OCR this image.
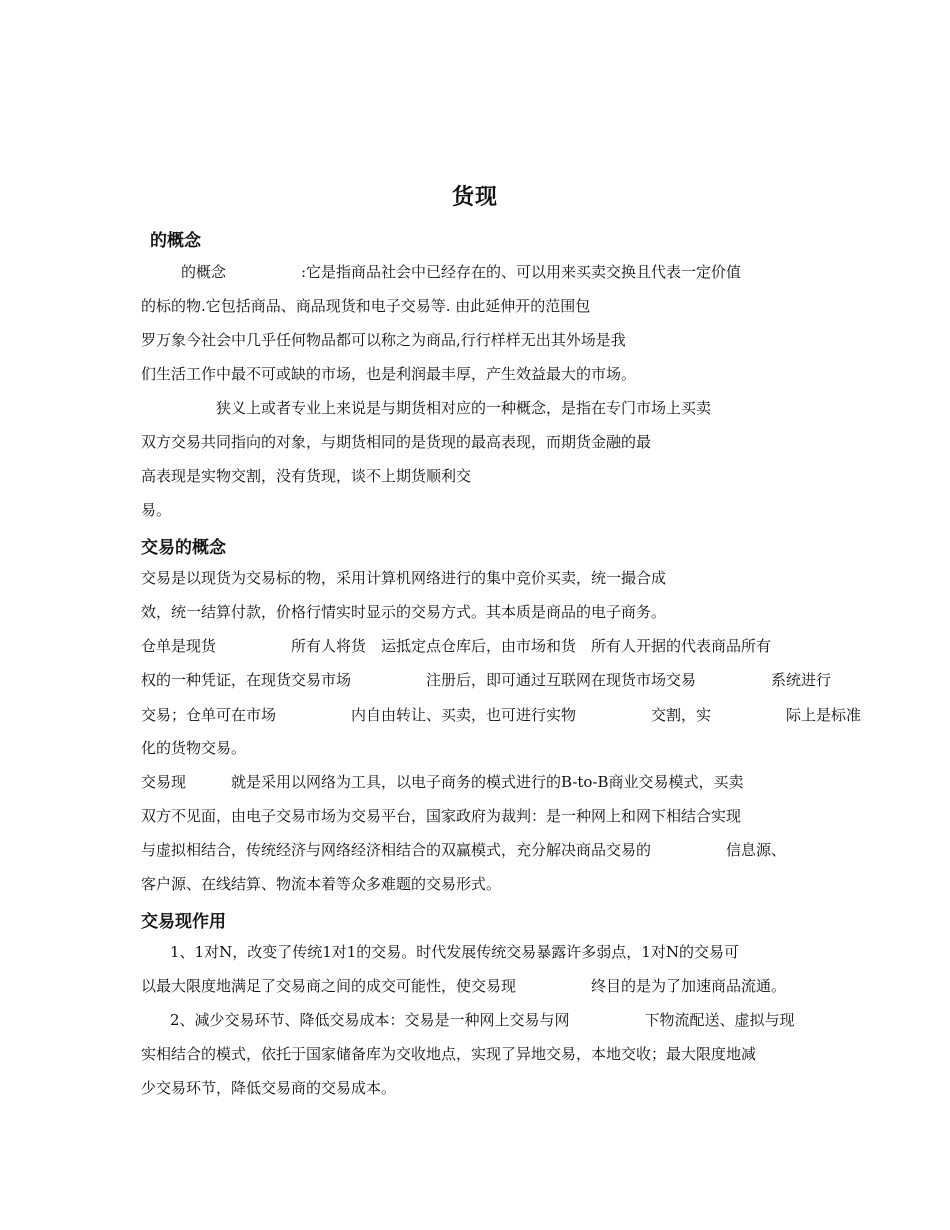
货现
的概念
的概念　　　　　:它是指商品社会中已经存在的、可以用来买卖交换且代表一定价值
的标的物.它包括商品、商品现货和电子交易等. 由此延伸开的范围包
罗万象今社会中几乎任何物品都可以称之为商品,行行样样无出其外场是我
们生活工作中最不可或缺的市场，也是利润最丰厚，产生效益最大的市场。
　　　　　狭义上或者专业上来说是与期货相对应的一种概念，是指在专门市场上买卖
双方交易共同指向的对象，与期货相同的是货现的最高表现，而期货金融的最
高表现是实物交割，没有货现，谈不上期货顺利交
易。
交易的概念
交易是以现货为交易标的物，采用计算机网络进行的集中竞价买卖，统一撮合成
效，统一结算付款，价格行情实时显示的交易方式。其本质是商品的电子商务。
仓单是现货　　　　　所有人将货　运抵定点仓库后，由市场和货　所有人开据的代表商品所有
权的一种凭证，在现货交易市场　　　　　注册后，即可通过互联网在现货市场交易　　　　　系统进行
交易；仓单可在市场　　　　　内自由转让、买卖，也可进行实物　　　　　交割，实　　　　　际上是标准
化的货物交易。
交易现　　　就是采用以网络为工具，以电子商务的模式进行的B-to-B商业交易模式，买卖
双方不见面，由电子交易市场为交易平台，国家政府为裁判：是一种网上和网下相结合实现
与虚拟相结合，传统经济与网络经济相结合的双赢模式，充分解决商品交易的　　　　　信息源、
客户源、在线结算、物流本着等众多难题的交易形式。
交易现作用
　1、1对N，改变了传统1对1的交易。时代发展传统交易暴露许多弱点，1对N的交易可
以最大限度地满足了交易商之间的成交可能性，使交易现　　　　　终目的是为了加速商品流通。
　2、减少交易环节、降低交易成本：交易是一种网上交易与网　　　　　下物流配送、虚拟与现
实相结合的模式，依托于国家储备库为交收地点，实现了异地交易，本地交收；最大限度地减
少交易环节，降低交易商的交易成本。
